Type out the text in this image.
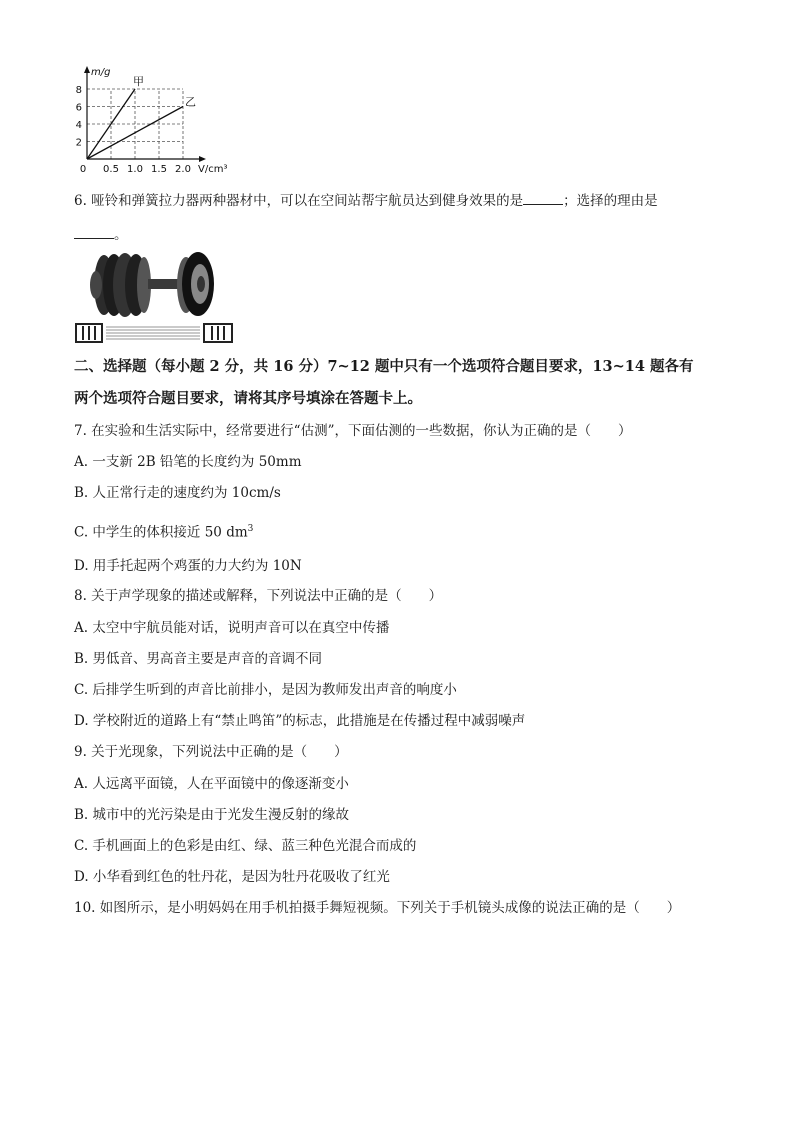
甲
乙
2
4
6
8
0 0.5 1.0 1.5 2.0
m/g
V/cm³
6. 哑铃和弹簧拉力器两种器材中，可以在空间站帮宇航员达到健身效果的是	；选择的理由是
。
二、选择题（每小题 2 分，共 16 分）7~12 题中只有一个选项符合题目要求，13~14 题各有
两个选项符合题目要求，请将其序号填涂在答题卡上。
7. 在实验和生活实际中，经常要进行“估测”，下面估测的一些数据，你认为正确的是（　　）
A. 一支新 2B 铅笔的长度约为 50mm
B. 人正常行走的速度约为 10cm/s
C. 中学生的体积接近 50 $dm^3$
D. 用手托起两个鸡蛋的力大约为 10N
8. 关于声学现象的描述或解释，下列说法中正确的是（　　）
A. 太空中宇航员能对话，说明声音可以在真空中传播
B. 男低音、男高音主要是声音的音调不同
C. 后排学生听到的声音比前排小，是因为教师发出声音的响度小
D. 学校附近的道路上有“禁止鸣笛”的标志，此措施是在传播过程中减弱噪声
9. 关于光现象，下列说法中正确的是（　　）
A. 人远离平面镜，人在平面镜中的像逐渐变小
B. 城市中的光污染是由于光发生漫反射的缘故
C. 手机画面上的色彩是由红、绿、蓝三种色光混合而成的
D. 小华看到红色的牡丹花，是因为牡丹花吸收了红光
10. 如图所示，是小明妈妈在用手机拍摄手舞短视频。下列关于手机镜头成像的说法正确的是（　　）
